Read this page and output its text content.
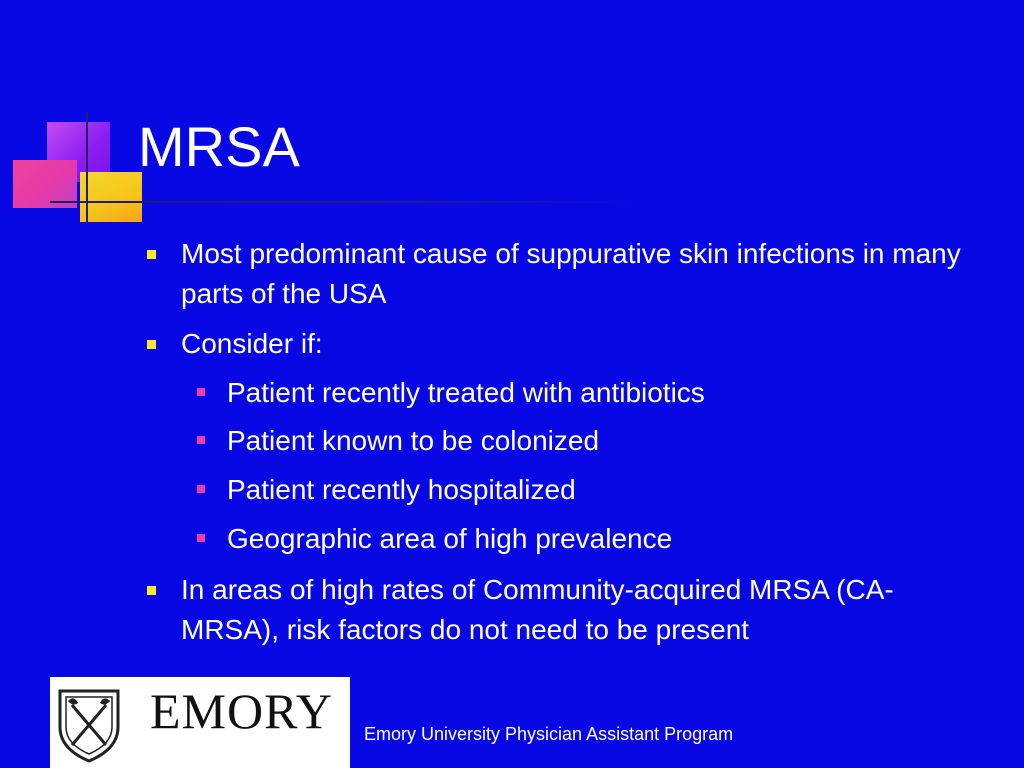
MRSA
Most predominant cause of suppurative skin infections in many parts of the USA
Consider if:
Patient recently treated with antibiotics
Patient known to be colonized
Patient recently hospitalized
Geographic area of high prevalence
In areas of high rates of Community-acquired MRSA (CA-MRSA), risk factors do not need to be present
EMORY Emory University Physician Assistant Program
